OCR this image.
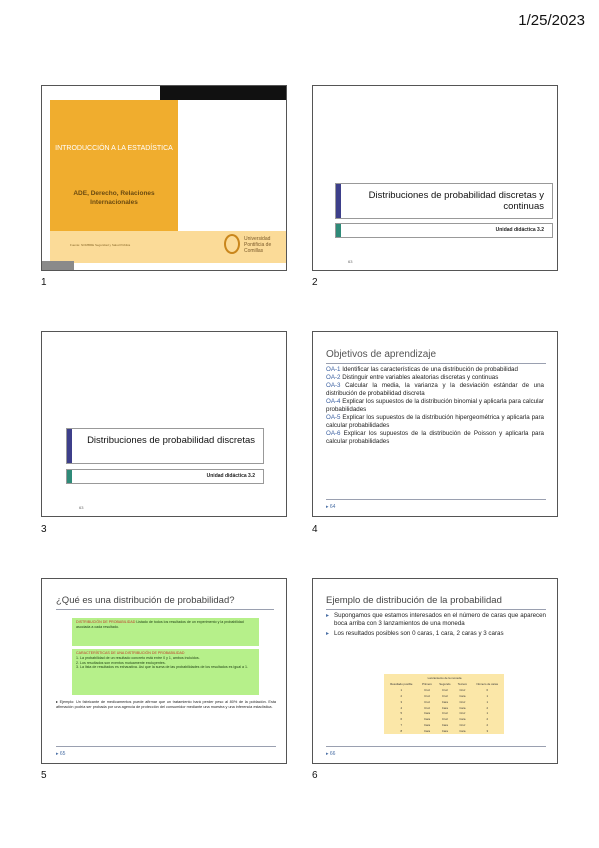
1/25/2023
INTRODUCCIÓN A LA ESTADÍSTICA
ADE, Derecho, Relaciones Internacionales
Fuente: NOMBRE Seguridad y Salud Pública
Universidad Pontificia de Comillas
1
Distribuciones de probabilidad discretas y continuas
Unidad didáctica 3.2
63
2
Distribuciones de probabilidad discretas
Unidad didáctica 3.2
63
3
Objetivos de aprendizaje
OA-1 Identificar las características de una distribución de probabilidad
OA-2 Distinguir entre variables aleatorias discretas y continuas
OA-3 Calcular la media, la varianza y la desviación estándar de una distribución de probabilidad discreta
OA-4 Explicar los supuestos de la distribución binomial y aplicarla para calcular probabilidades
OA-5 Explicar los supuestos de la distribución hipergeométrica y aplicarla para calcular probabilidades
OA-6 Explicar los supuestos de la distribución de Poisson y aplicarla para calcular probabilidades
▸ 64
4
¿Qué es una distribución de probabilidad?
DISTRIBUCIÓN DE PROBABILIDAD Listado de todos los resultados de un experimento y la probabilidad asociada a cada resultado.
CARACTERÍSTICAS DE UNA DISTRIBUCIÓN DE PROBABILIDAD
1. La probabilidad de un resultado concreto está entre 0 y 1, ambos incluidos.
2. Los resultados son eventos mutuamente excluyentes.
3. La lista de resultados es exhaustiva. Así que la suma de las probabilidades de los resultados es igual a 1.
▸ Ejemplo: Un fabricante de medicamentos puede afirmar que un tratamiento hará perder peso al 80% de la población. Esta afirmación podría ser probada por una agencia de protección del consumidor mediante una muestra y una inferencia estadística.
▸ 65
5
Ejemplo de distribución de la probabilidad
▸ Supongamos que estamos interesados en el número de caras que aparecen boca arriba con 3 lanzamientos de una moneda
▸ Los resultados posibles son 0 caras, 1 cara, 2 caras y 3 caras
	Lanzamiento de la moneda			
Resultado posible	Primero	Segundo	Tercero	Número de caras
1	Cruz	Cruz	Cruz	0
2	Cruz	Cruz	Cara	1
3	Cruz	Cara	Cruz	1
4	Cruz	Cara	Cara	2
5	Cara	Cruz	Cruz	1
6	Cara	Cruz	Cara	2
7	Cara	Cara	Cruz	2
8	Cara	Cara	Cara	3
▸ 66
6
